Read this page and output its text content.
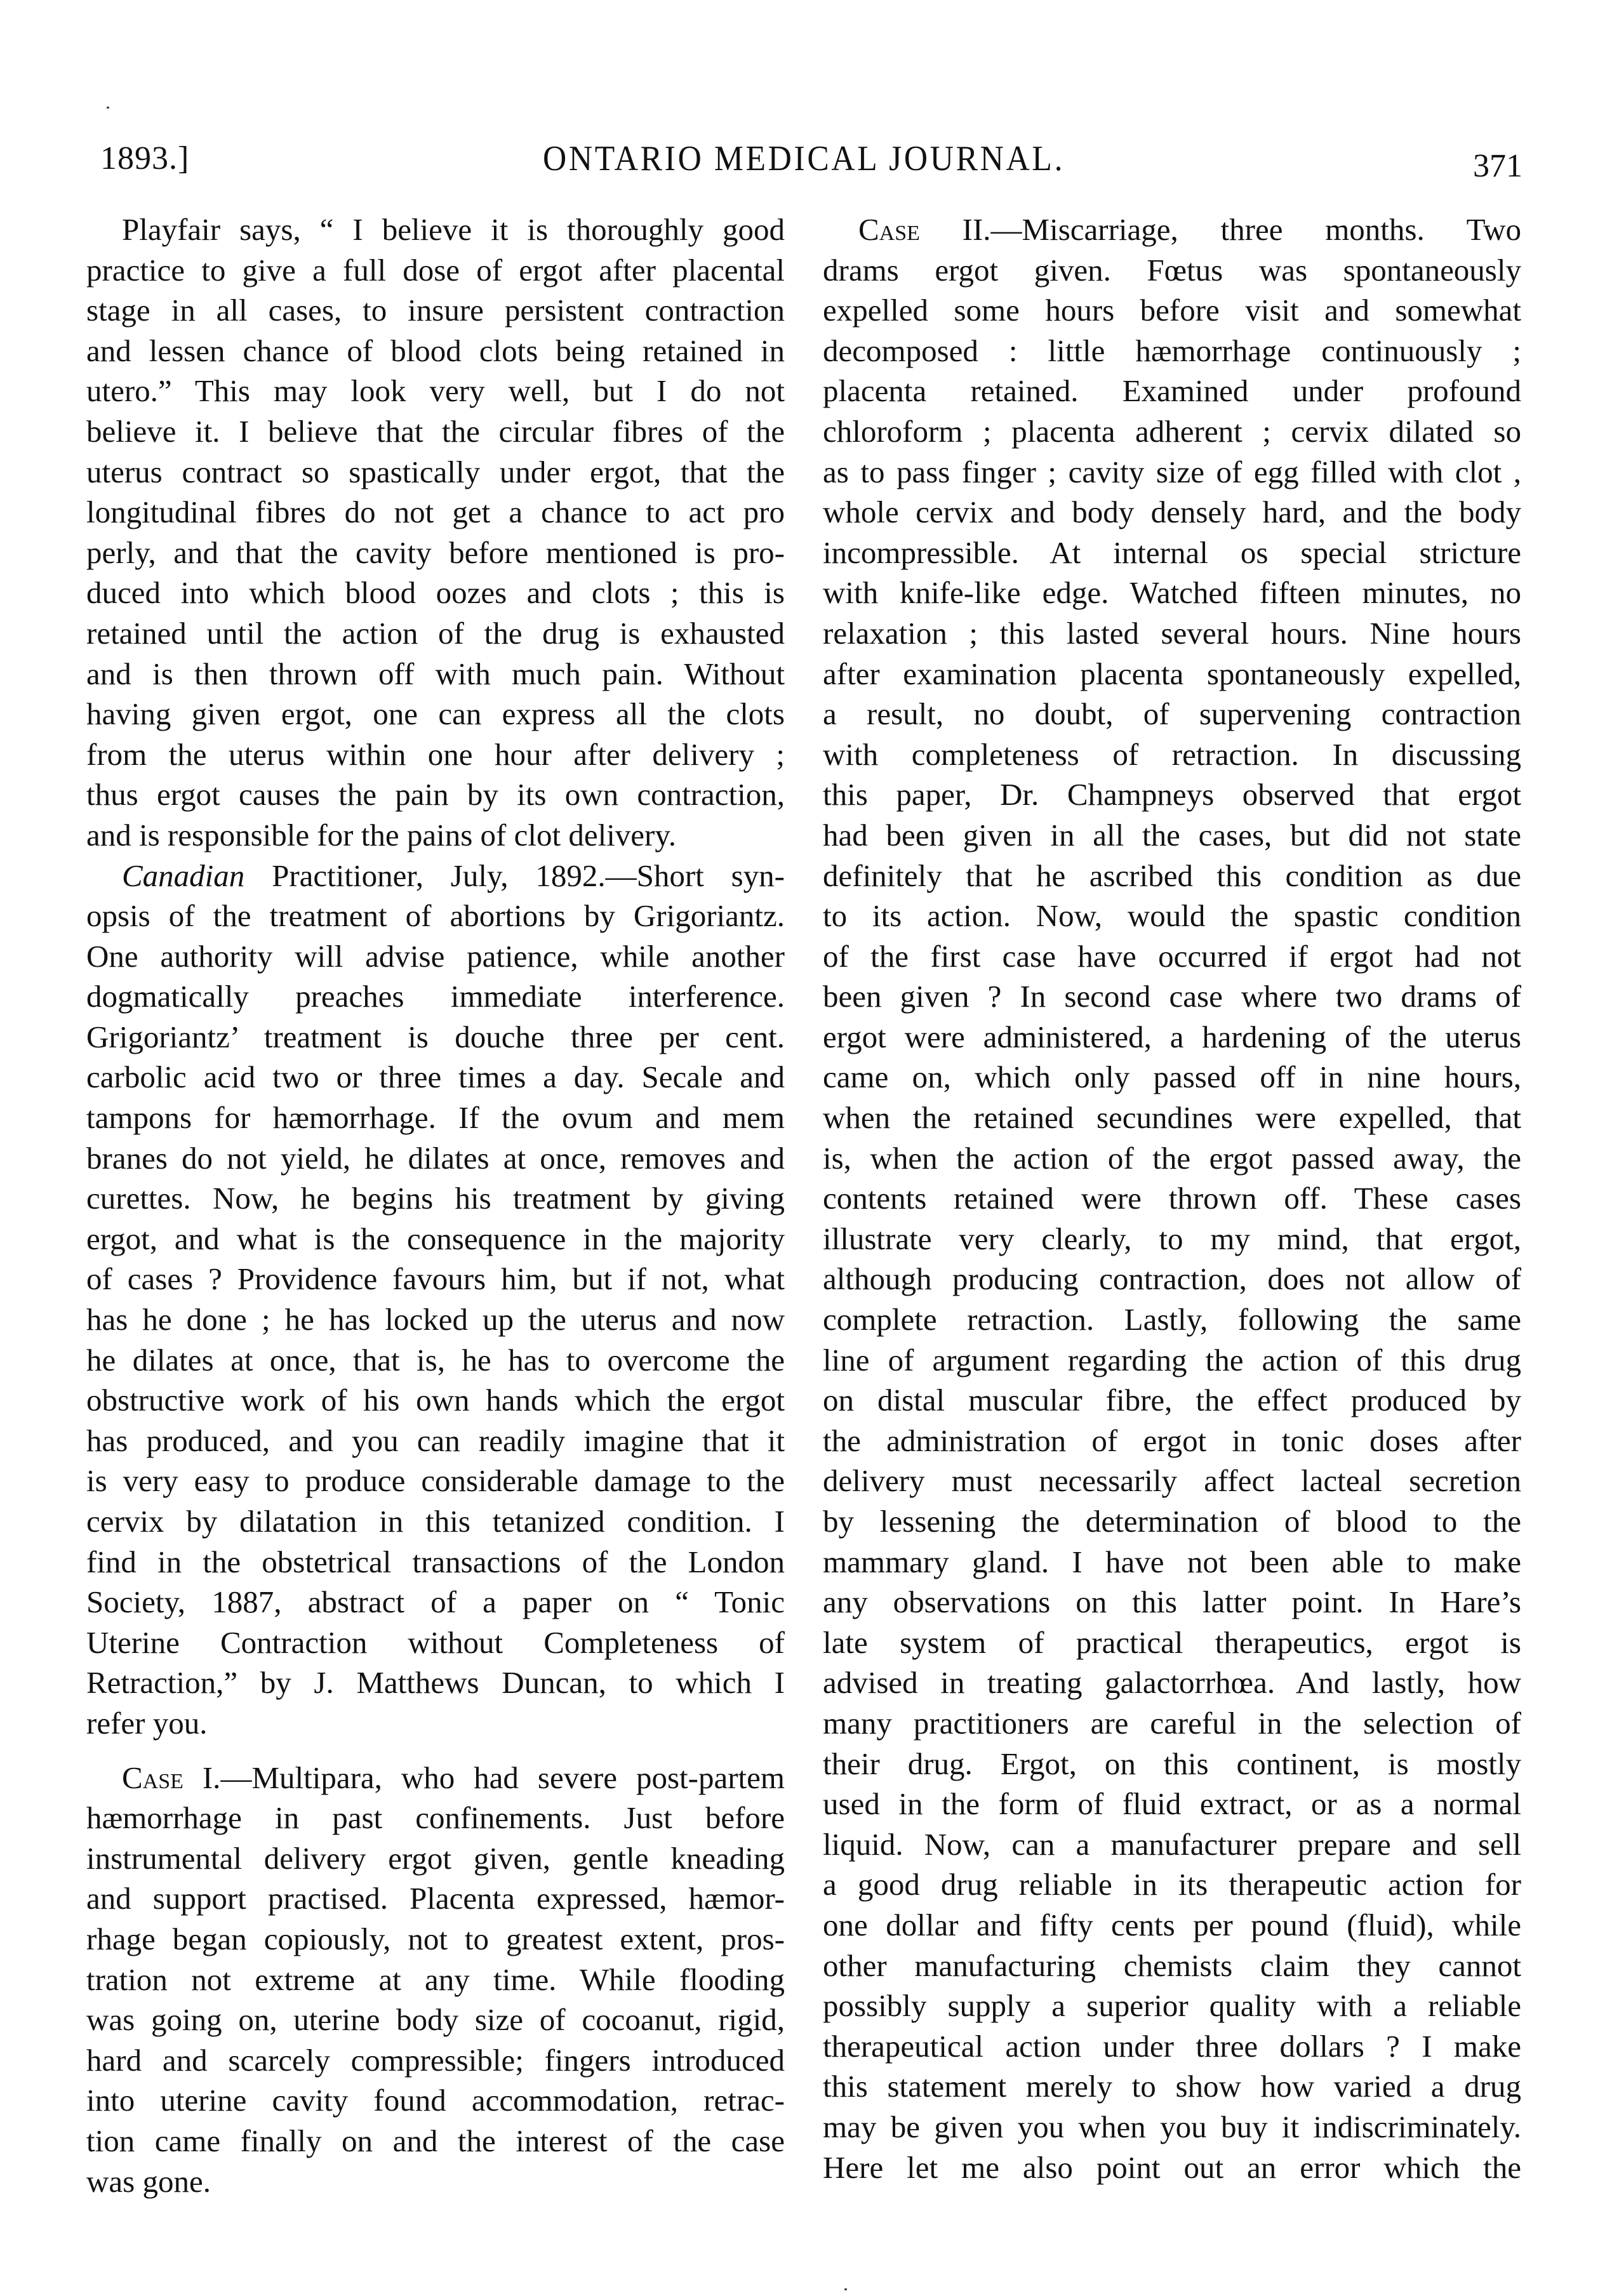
1893.]	ONTARIO MEDICAL JOURNAL.	371
Playfair says, “ I believe it is thoroughly good
practice to give a full dose of ergot after placental
stage in all cases, to insure persistent contraction
and lessen chance of blood clots being retained in
utero.” This may look very well, but I do not
believe it. I believe that the circular fibres of the
uterus contract so spastically under ergot, that the
longitudinal fibres do not get a chance to act pro
perly, and that the cavity before mentioned is pro-
duced into which blood oozes and clots ; this is
retained until the action of the drug is exhausted
and is then thrown off with much pain. Without
having given ergot, one can express all the clots
from the uterus within one hour after delivery ;
thus ergot causes the pain by its own contraction,
and is responsible for the pains of clot delivery.
Canadian Practitioner, July, 1892.—Short syn-
opsis of the treatment of abortions by Grigoriantz.
One authority will advise patience, while another
dogmatically preaches immediate interference.
Grigoriantz’ treatment is douche three per cent.
carbolic acid two or three times a day. Secale and
tampons for hæmorrhage. If the ovum and mem
branes do not yield, he dilates at once, removes and
curettes. Now, he begins his treatment by giving
ergot, and what is the consequence in the majority
of cases ? Providence favours him, but if not, what
has he done ; he has locked up the uterus and now
he dilates at once, that is, he has to overcome the
obstructive work of his own hands which the ergot
has produced, and you can readily imagine that it
is very easy to produce considerable damage to the
cervix by dilatation in this tetanized condition. I
find in the obstetrical transactions of the London
Society, 1887, abstract of a paper on “ Tonic
Uterine Contraction without Completeness of
Retraction,” by J. Matthews Duncan, to which I
refer you.
Case I.—Multipara, who had severe post-partem
hæmorrhage in past confinements. Just before
instrumental delivery ergot given, gentle kneading
and support practised. Placenta expressed, hæmor-
rhage began copiously, not to greatest extent, pros-
tration not extreme at any time. While flooding
was going on, uterine body size of cocoanut, rigid,
hard and scarcely compressible; fingers introduced
into uterine cavity found accommodation, retrac-
tion came finally on and the interest of the case
was gone.
Case II.—Miscarriage, three months. Two
drams ergot given. Fœtus was spontaneously
expelled some hours before visit and somewhat
decomposed : little hæmorrhage continuously ;
placenta retained. Examined under profound
chloroform ; placenta adherent ; cervix dilated so
as to pass finger ; cavity size of egg filled with clot ,
whole cervix and body densely hard, and the body
incompressible. At internal os special stricture
with knife-like edge. Watched fifteen minutes, no
relaxation ; this lasted several hours. Nine hours
after examination placenta spontaneously expelled,
a result, no doubt, of supervening contraction
with completeness of retraction. In discussing
this paper, Dr. Champneys observed that ergot
had been given in all the cases, but did not state
definitely that he ascribed this condition as due
to its action. Now, would the spastic condition
of the first case have occurred if ergot had not
been given ? In second case where two drams of
ergot were administered, a hardening of the uterus
came on, which only passed off in nine hours,
when the retained secundines were expelled, that
is, when the action of the ergot passed away, the
contents retained were thrown off. These cases
illustrate very clearly, to my mind, that ergot,
although producing contraction, does not allow of
complete retraction. Lastly, following the same
line of argument regarding the action of this drug
on distal muscular fibre, the effect produced by
the administration of ergot in tonic doses after
delivery must necessarily affect lacteal secretion
by lessening the determination of blood to the
mammary gland. I have not been able to make
any observations on this latter point. In Hare’s
late system of practical therapeutics, ergot is
advised in treating galactorrhœa. And lastly, how
many practitioners are careful in the selection of
their drug. Ergot, on this continent, is mostly
used in the form of fluid extract, or as a normal
liquid. Now, can a manufacturer prepare and sell
a good drug reliable in its therapeutic action for
one dollar and fifty cents per pound (fluid), while
other manufacturing chemists claim they cannot
possibly supply a superior quality with a reliable
therapeutical action under three dollars ? I make
this statement merely to show how varied a drug
may be given you when you buy it indiscriminately.
Here let me also point out an error which the
